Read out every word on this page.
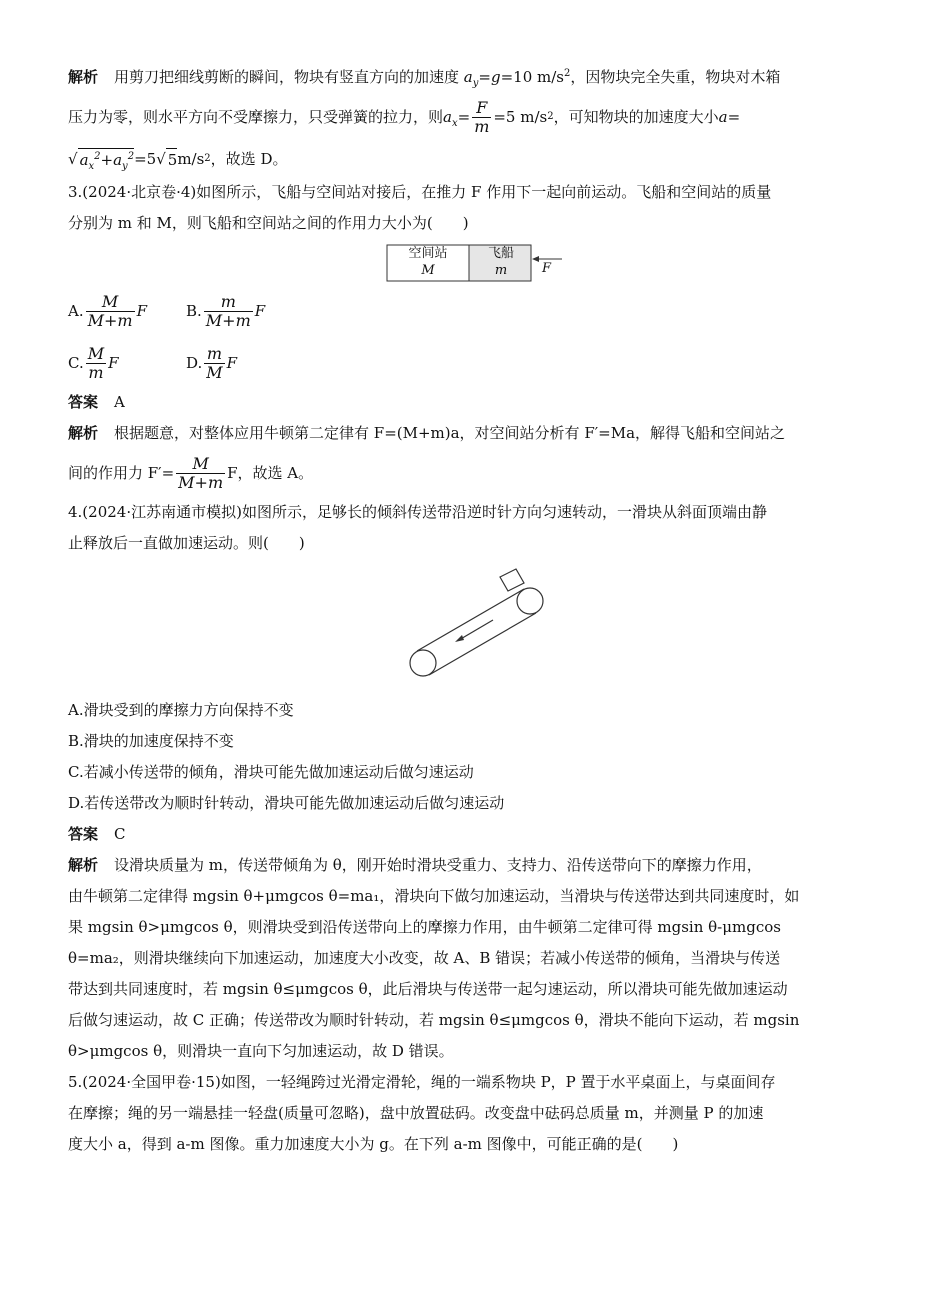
解析 用剪刀把细线剪断的瞬间，物块有竖直方向的加速度 $a_y=g=10$ $m/s^2$，因物块完全失重，物块对木箱
压力为零，则水平方向不受摩擦力，只受弹簧的拉力，则 $a_x= \frac{F}{m} =5$ m/s 2 ，可知物块的加速度大小 a =
√ $a_x^2+a_y^2 =5$ √ 5 m/s 2 ，故选 D。
3.(2024·北京卷·4)如图所示，飞船与空间站对接后，在推力 F 作用下一起向前运动。飞船和空间站的质量
分别为 m 和 M，则飞船和空间站之间的作用力大小为(　　)
空间站
M
飞船
m	F
A. $\frac{M}{M+m}$ F	B. $\frac{m}{M+m}$ F
C. $\frac{M}{m}$ F	D. $\frac{m}{M}$ F
答案 A
解析 根据题意，对整体应用牛顿第二定律有 F=(M+m)a，对空间站分析有 F′=Ma，解得飞船和空间站之
间的作用力 $F'= \frac{M}{M+m}$ F，故选 A。
4.(2024·江苏南通市模拟)如图所示，足够长的倾斜传送带沿逆时针方向匀速转动，一滑块从斜面顶端由静
止释放后一直做加速运动。则(　　)
A.滑块受到的摩擦力方向保持不变
B.滑块的加速度保持不变
C.若减小传送带的倾角，滑块可能先做加速运动后做匀速运动
D.若传送带改为顺时针转动，滑块可能先做加速运动后做匀速运动
答案 C
解析 设滑块质量为 m，传送带倾角为 θ，刚开始时滑块受重力、支持力、沿传送带向下的摩擦力作用，
由牛顿第二定律得 mgsin θ+μmgcos θ=ma₁，滑块向下做匀加速运动，当滑块与传送带达到共同速度时，如
果 mgsin θ>μmgcos θ，则滑块受到沿传送带向上的摩擦力作用，由牛顿第二定律可得 mgsin θ-μmgcos
θ=ma₂，则滑块继续向下加速运动，加速度大小改变，故 A、B 错误；若减小传送带的倾角，当滑块与传送
带达到共同速度时，若 mgsin θ≤μmgcos θ，此后滑块与传送带一起匀速运动，所以滑块可能先做加速运动
后做匀速运动，故 C 正确；传送带改为顺时针转动，若 mgsin θ≤μmgcos θ，滑块不能向下运动，若 mgsin
θ>μmgcos θ，则滑块一直向下匀加速运动，故 D 错误。
5.(2024·全国甲卷·15)如图，一轻绳跨过光滑定滑轮，绳的一端系物块 P，P 置于水平桌面上，与桌面间存
在摩擦；绳的另一端悬挂一轻盘(质量可忽略)，盘中放置砝码。改变盘中砝码总质量 m，并测量 P 的加速
度大小 a，得到 a-m 图像。重力加速度大小为 g。在下列 a-m 图像中，可能正确的是(　　)
